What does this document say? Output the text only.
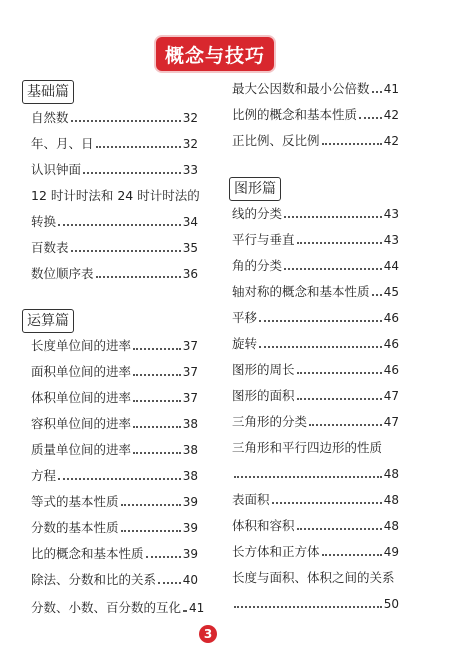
概念与技巧
基础篇
运算篇
图形篇
自然数	32
年、月、日	32
认识钟面	33
12 时计时法和 24 时计时法的
转换	34
百数表	35
数位顺序表	36
长度单位间的进率	37
面积单位间的进率	37
体积单位间的进率	37
容积单位间的进率	38
质量单位间的进率	38
方程	38
等式的基本性质	39
分数的基本性质	39
比的概念和基本性质	39
除法、分数和比的关系 40
分数、小数、百分数的互化 41
最大公因数和最小公倍数 41
比例的概念和基本性质 42
正比例、反比例	42
线的分类	43
平行与垂直	43
角的分类	44
轴对称的概念和基本性质 45
平移	46
旋转	46
图形的周长	46
图形的面积	47
三角形的分类	47
三角形和平行四边形的性质
48
表面积	48
体积和容积	48
长方体和正方体	49
长度与面积、体积之间的关系
50
3
